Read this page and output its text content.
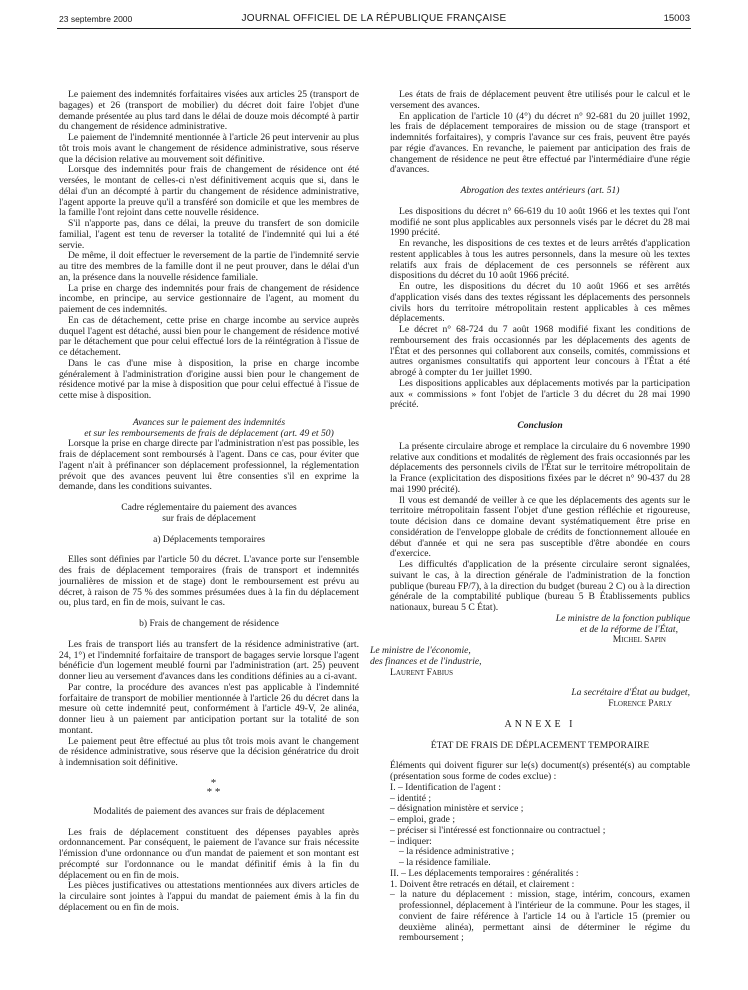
23 septembre 2000	JOURNAL OFFICIEL DE LA RÉPUBLIQUE FRANÇAISE	15003

Le paiement des indemnités forfaitaires visées aux articles 25 (transport de bagages) et 26 (transport de mobilier) du décret doit faire l'objet d'une demande présentée au plus tard dans le délai de douze mois décompté à partir du changement de résidence administrative.

Le paiement de l'indemnité mentionnée à l'article 26 peut intervenir au plus tôt trois mois avant le changement de résidence administrative, sous réserve que la décision relative au mouvement soit définitive.

Lorsque des indemnités pour frais de changement de résidence ont été versées, le montant de celles-ci n'est définitivement acquis que si, dans le délai d'un an décompté à partir du changement de résidence administrative, l'agent apporte la preuve qu'il a transféré son domicile et que les membres de la famille l'ont rejoint dans cette nouvelle résidence.

S'il n'apporte pas, dans ce délai, la preuve du transfert de son domicile familial, l'agent est tenu de reverser la totalité de l'indemnité qui lui a été servie.

De même, il doit effectuer le reversement de la partie de l'indemnité servie au titre des membres de la famille dont il ne peut prouver, dans le délai d'un an, la présence dans la nouvelle résidence familiale.

La prise en charge des indemnités pour frais de changement de résidence incombe, en principe, au service gestionnaire de l'agent, au moment du paiement de ces indemnités.

En cas de détachement, cette prise en charge incombe au service auprès duquel l'agent est détaché, aussi bien pour le changement de résidence motivé par le détachement que pour celui effectué lors de la réintégration à l'issue de ce détachement.

Dans le cas d'une mise à disposition, la prise en charge incombe généralement à l'administration d'origine aussi bien pour le changement de résidence motivé par la mise à disposition que pour celui effectué à l'issue de cette mise à disposition.

Avances sur le paiement des indemnités

et sur les remboursements de frais de déplacement (art. 49 et 50)

Lorsque la prise en charge directe par l'administration n'est pas possible, les frais de déplacement sont remboursés à l'agent. Dans ce cas, pour éviter que l'agent n'ait à préfinancer son déplacement professionnel, la réglementation prévoit que des avances peuvent lui être consenties s'il en exprime la demande, dans les conditions suivantes.

Cadre réglementaire du paiement des avances

sur frais de déplacement

a) Déplacements temporaires

Elles sont définies par l'article 50 du décret. L'avance porte sur l'ensemble des frais de déplacement temporaires (frais de transport et indemnités journalières de mission et de stage) dont le remboursement est prévu au décret, à raison de 75 % des sommes présumées dues à la fin du déplacement ou, plus tard, en fin de mois, suivant le cas.

b) Frais de changement de résidence

Les frais de transport liés au transfert de la résidence administrative (art. 24, 1°) et l'indemnité forfaitaire de transport de bagages servie lorsque l'agent bénéficie d'un logement meublé fourni par l'administration (art. 25) peuvent donner lieu au versement d'avances dans les conditions définies au a ci-avant.

Par contre, la procédure des avances n'est pas applicable à l'indemnité forfaitaire de transport de mobilier mentionnée à l'article 26 du décret dans la mesure où cette indemnité peut, conformément à l'article 49-V, 2e alinéa, donner lieu à un paiement par anticipation portant sur la totalité de son montant.

Le paiement peut être effectué au plus tôt trois mois avant le changement de résidence administrative, sous réserve que la décision génératrice du droit à indemnisation soit définitive.

*

* *

Modalités de paiement des avances sur frais de déplacement

Les frais de déplacement constituent des dépenses payables après ordonnancement. Par conséquent, le paiement de l'avance sur frais nécessite l'émission d'une ordonnance ou d'un mandat de paiement et son montant est précompté sur l'ordonnance ou le mandat définitif émis à la fin du déplacement ou en fin de mois.

Les pièces justificatives ou attestations mentionnées aux divers articles de la circulaire sont jointes à l'appui du mandat de paiement émis à la fin du déplacement ou en fin de mois.

Les états de frais de déplacement peuvent être utilisés pour le calcul et le versement des avances.

En application de l'article 10 (4°) du décret n° 92-681 du 20 juillet 1992, les frais de déplacement temporaires de mission ou de stage (transport et indemnités forfaitaires), y compris l'avance sur ces frais, peuvent être payés par régie d'avances. En revanche, le paiement par anticipation des frais de changement de résidence ne peut être effectué par l'intermédiaire d'une régie d'avances.

Abrogation des textes antérieurs (art. 51)

Les dispositions du décret n° 66-619 du 10 août 1966 et les textes qui l'ont modifié ne sont plus applicables aux personnels visés par le décret du 28 mai 1990 précité.

En revanche, les dispositions de ces textes et de leurs arrêtés d'application restent applicables à tous les autres personnels, dans la mesure où les textes relatifs aux frais de déplacement de ces personnels se réfèrent aux dispositions du décret du 10 août 1966 précité.

En outre, les dispositions du décret du 10 août 1966 et ses arrêtés d'application visés dans des textes régissant les déplacements des personnels civils hors du territoire métropolitain restent applicables à ces mêmes déplacements.

Le décret n° 68-724 du 7 août 1968 modifié fixant les conditions de remboursement des frais occasionnés par les déplacements des agents de l'État et des personnes qui collaborent aux conseils, comités, commissions et autres organismes consultatifs qui apportent leur concours à l'État a été abrogé à compter du 1er juillet 1990.

Les dispositions applicables aux déplacements motivés par la participation aux « commissions » font l'objet de l'article 3 du décret du 28 mai 1990 précité.

Conclusion

La présente circulaire abroge et remplace la circulaire du 6 novembre 1990 relative aux conditions et modalités de règlement des frais occasionnés par les déplacements des personnels civils de l'État sur le territoire métropolitain de la France (explicitation des dispositions fixées par le décret n° 90-437 du 28 mai 1990 précité).

Il vous est demandé de veiller à ce que les déplacements des agents sur le territoire métropolitain fassent l'objet d'une gestion réfléchie et rigoureuse, toute décision dans ce domaine devant systématiquement être prise en considération de l'enveloppe globale de crédits de fonctionnement allouée en début d'année et qui ne sera pas susceptible d'être abondée en cours d'exercice.

Les difficultés d'application de la présente circulaire seront signalées, suivant le cas, à la direction générale de l'administration de la fonction publique (bureau FP/7), à la direction du budget (bureau 2 C) ou à la direction générale de la comptabilité publique (bureau 5 B Établissements publics nationaux, bureau 5 C État).

Le ministre de la fonction publique

et de la réforme de l'État,

Michel Sapin

Le ministre de l'économie,

des finances et de l'industrie,

Laurent Fabius

La secrétaire d'État au budget,

Florence Parly

ANNEXE I

ÉTAT DE FRAIS DE DÉPLACEMENT TEMPORAIRE

Éléments qui doivent figurer sur le(s) document(s) présenté(s) au comptable (présentation sous forme de codes exclue) :

I. – Identification de l'agent :

– identité ;

– désignation ministère et service ;

– emploi, grade ;

– préciser si l'intéressé est fonctionnaire ou contractuel ;

– indiquer:

– la résidence administrative ;

– la résidence familiale.

II. – Les déplacements temporaires : généralités :

1. Doivent être retracés en détail, et clairement :

– la nature du déplacement : mission, stage, intérim, concours, examen professionnel, déplacement à l'intérieur de la commune. Pour les stages, il convient de faire référence à l'article 14 ou à l'article 15 (premier ou deuxième alinéa), permettant ainsi de déterminer le régime du remboursement ;
